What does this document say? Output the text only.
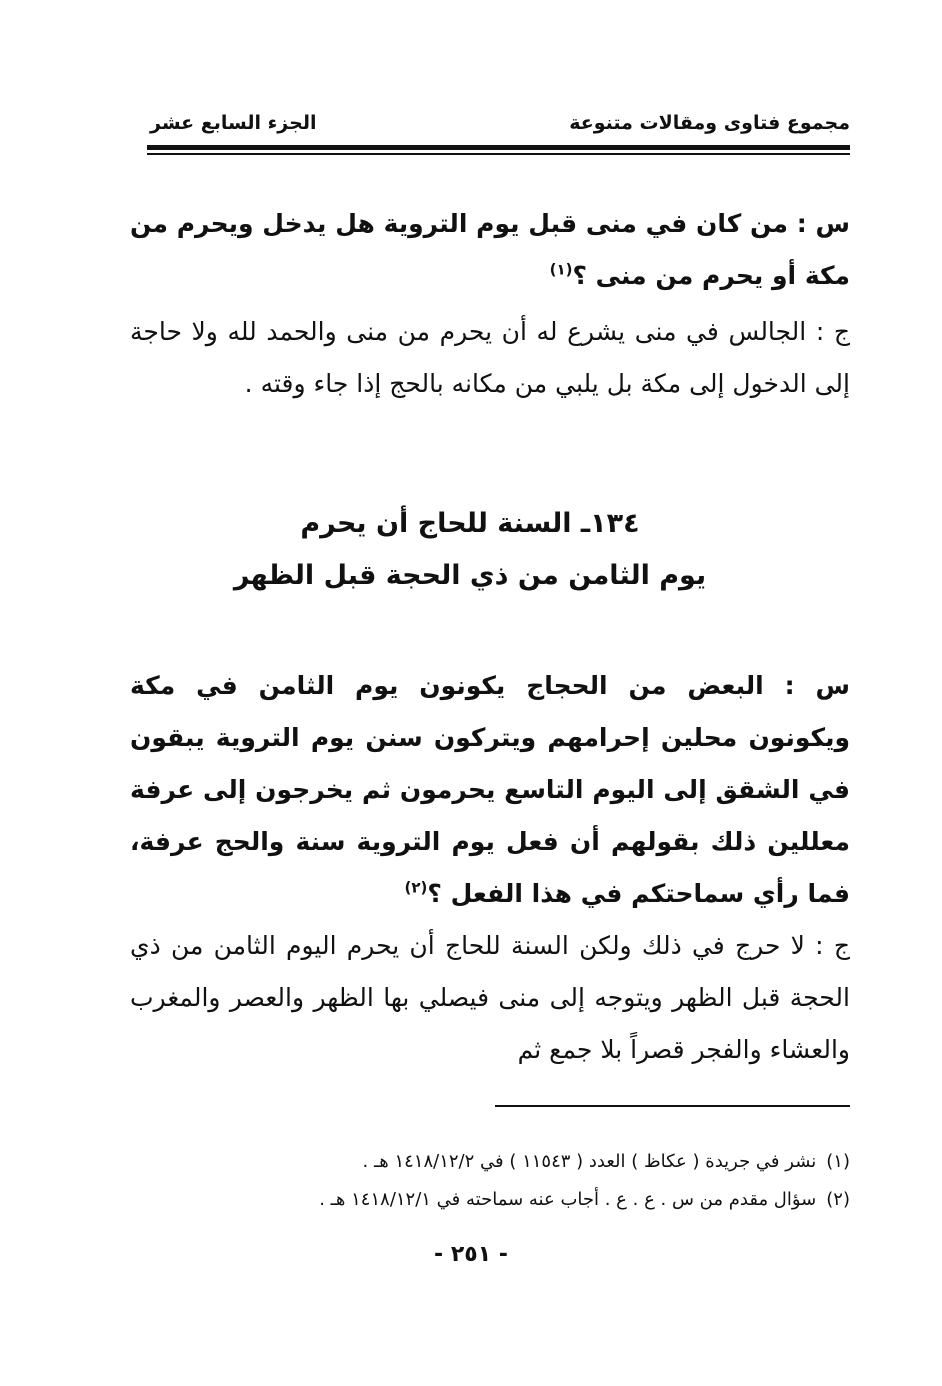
مجموع فتاوى ومقالات متنوعة
الجزء السابع عشر
س : من كان في منى قبل يوم التروية هل يدخل ويحرم من مكة أو يحرم من منى ؟$^{(١)}$
ج : الجالس في منى يشرع له أن يحرم من منى والحمد لله ولا حاجة إلى الدخول إلى مكة بل يلبي من مكانه بالحج إذا جاء وقته .
١٣٤ـ السنة للحاج أن يحرم
يوم الثامن من ذي الحجة قبل الظهر
س : البعض من الحجاج يكونون يوم الثامن في مكة ويكونون محلين إحرامهم ويتركون سنن يوم التروية يبقون في الشقق إلى اليوم التاسع يحرمون ثم يخرجون إلى عرفة معللين ذلك بقولهم أن فعل يوم التروية سنة والحج عرفة، فما رأي سماحتكم في هذا الفعل ؟$^{(٢)}$
ج : لا حرج في ذلك ولكن السنة للحاج أن يحرم اليوم الثامن من ذي الحجة قبل الظهر ويتوجه إلى منى فيصلي بها الظهر والعصر والمغرب والعشاء والفجر قصراً بلا جمع ثم
(١)نشر في جريدة ( عكاظ ) العدد ( ١١٥٤٣ ) في ١٤١٨/١٢/٢ هـ .
(٢)سؤال مقدم من س . ع . ع . أجاب عنه سماحته في ١٤١٨/١٢/١ هـ .
- ٢٥١ -
